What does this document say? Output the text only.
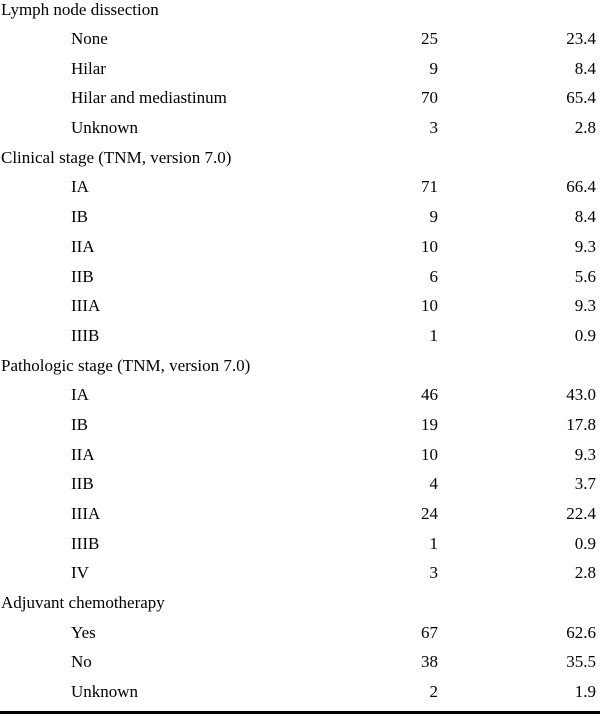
Lymph node dissection
None	25	23.4
Hilar	9	8.4
Hilar and mediastinum	70	65.4
Unknown	3	2.8
Clinical stage (TNM, version 7.0)
IA	71	66.4
IB	9	8.4
IIA	10	9.3
IIB	6	5.6
IIIA	10	9.3
IIIB	1	0.9
Pathologic stage (TNM, version 7.0)
IA	46	43.0
IB	19	17.8
IIA	10	9.3
IIB	4	3.7
IIIA	24	22.4
IIIB	1	0.9
IV	3	2.8
Adjuvant chemotherapy
Yes	67	62.6
No	38	35.5
Unknown	2	1.9
